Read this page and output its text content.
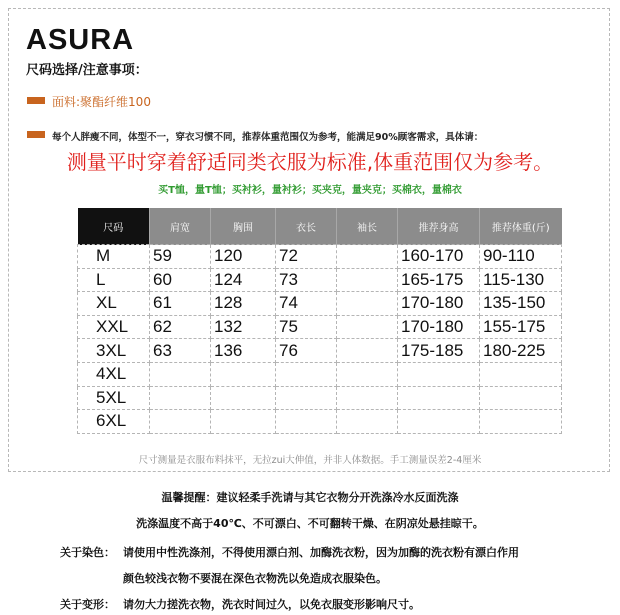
ASURA
尺码选择/注意事项：
面料:聚酯纤维100
每个人胖瘦不同，体型不一，穿衣习惯不同，推荐体重范围仅为参考，能满足90%顾客需求，具体请：
测量平时穿着舒适同类衣服为标准,体重范围仅为参考。
买T恤，量T恤；买衬衫，量衬衫；买夹克，量夹克；买棉衣，量棉衣
尺码	肩宽	胸围	衣长	袖长	推荐身高	推荐体重(斤)
M	59	120	72		160-170	90-110
L	60	124	73		165-175	115-130
XL	61	128	74		170-180	135-150
XXL	62	132	75		170-180	155-175
3XL	63	136	76		175-185	180-225
4XL						
5XL						
6XL						
尺寸测量是衣服布料抹平，无拉zui大伸值，并非人体数据。手工测量误差2-4厘米
温馨提醒：建议轻柔手洗请与其它衣物分开洗涤冷水反面洗涤
洗涤温度不高于40℃、不可漂白、不可翻转干燥、在阴凉处悬挂晾干。
关于染色： 请使用中性洗涤剂，不得使用漂白剂、加酶洗衣粉，因为加酶的洗衣粉有漂白作用
颜色较浅衣物不要混在深色衣物洗以免造成衣服染色。
关于变形： 请勿大力搓洗衣物，洗衣时间过久，以免衣服变形影响尺寸。
